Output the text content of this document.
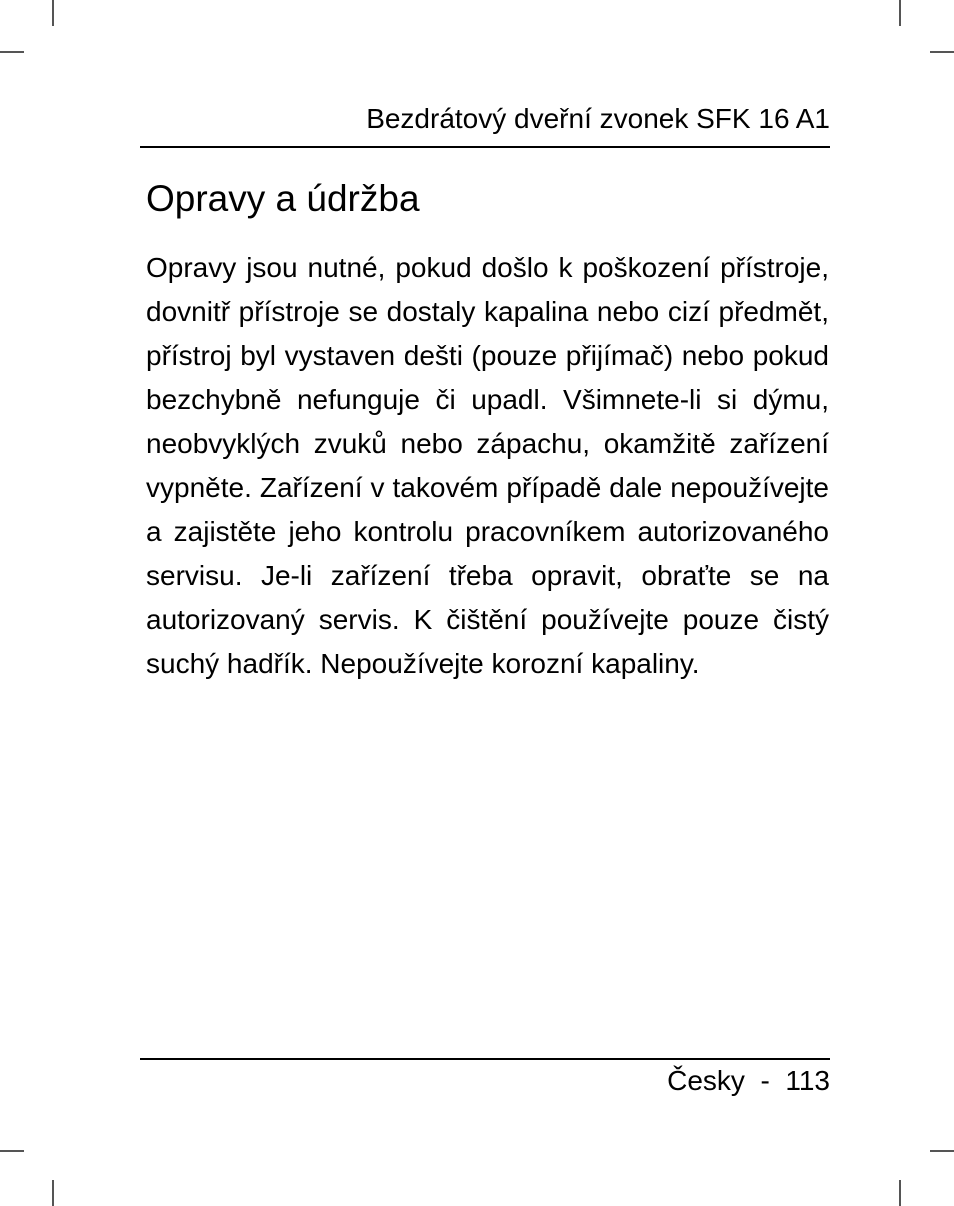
Bezdrátový dveřní zvonek SFK 16 A1
Opravy a údržba

Opravy jsou nutné, pokud došlo k poškození přístroje, dovnitř přístroje se dostaly kapalina nebo cizí předmět, přístroj byl vystaven dešti (pouze přijímač) nebo pokud bezchybně nefunguje či upadl. Všimnete-li si dýmu, neobvyklých zvuků nebo zápachu, okamžitě zařízení vypněte. Zařízení v takovém případě dale nepoužívejte a zajistěte jeho kontrolu pracovníkem autorizovaného servisu. Je-li zařízení třeba opravit, obraťte se na autorizovaný servis. K čištění používejte pouze čistý suchý hadřík. Nepoužívejte korozní kapaliny.

Česky - 113
